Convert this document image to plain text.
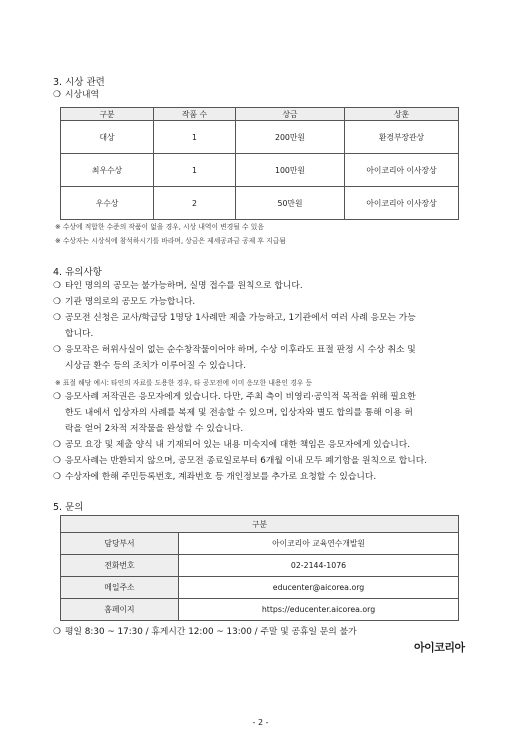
3. 시상 관련
❍ 시상내역
구분	작품 수	상금	상훈
대상	1	200만원	환경부장관상
최우수상	1	100만원	아이코리아 이사장상
우수상	2	50만원	아이코리아 이사장상
※ 수상에 적합한 수준의 작품이 없을 경우, 시상 내역이 변경될 수 있음
※ 수상자는 시상식에 참석하시기를 바라며, 상금은 제세공과금 공제 후 지급됨
4. 유의사항
❍ 타인 명의의 공모는 불가능하며, 실명 접수를 원칙으로 합니다.
❍ 기관 명의로의 공모도 가능합니다.
❍ 공모전 신청은 교사/학급당 1명당 1사례만 제출 가능하고, 1기관에서 여러 사례 응모는 가능
합니다.
❍ 응모작은 허위사실이 없는 순수창작물이어야 하며, 수상 이후라도 표절 판정 시 수상 취소 및
시상금 환수 등의 조치가 이루어질 수 있습니다.
※ 표절 해당 예시: 타인의 자료를 도용한 경우, 타 공모전에 이미 응모한 내용인 경우 등
❍ 응모사례 저작권은 응모자에게 있습니다. 다만, 주최 측이 비영리·공익적 목적을 위해 필요한
한도 내에서 입상자의 사례를 복제 및 전송할 수 있으며, 입상자와 별도 합의를 통해 이용 허
락을 얻어 2차적 저작물을 완성할 수 있습니다.
❍ 공모 요강 및 제출 양식 내 기재되어 있는 내용 미숙지에 대한 책임은 응모자에게 있습니다.
❍ 응모사례는 반환되지 않으며, 공모전 종료일로부터 6개월 이내 모두 폐기함을 원칙으로 합니다.
❍ 수상자에 한해 주민등록번호, 계좌번호 등 개인정보를 추가로 요청할 수 있습니다.
5. 문의
구분	
담당부서	아이코리아 교육연수개발원
전화번호	02-2144-1076
메일주소	educenter@aicorea.org
홈페이지	https://educenter.aicorea.org
❍ 평일 8:30 ~ 17:30 / 휴게시간 12:00 ~ 13:00 / 주말 및 공휴일 문의 불가
아이코리아
- 2 -
